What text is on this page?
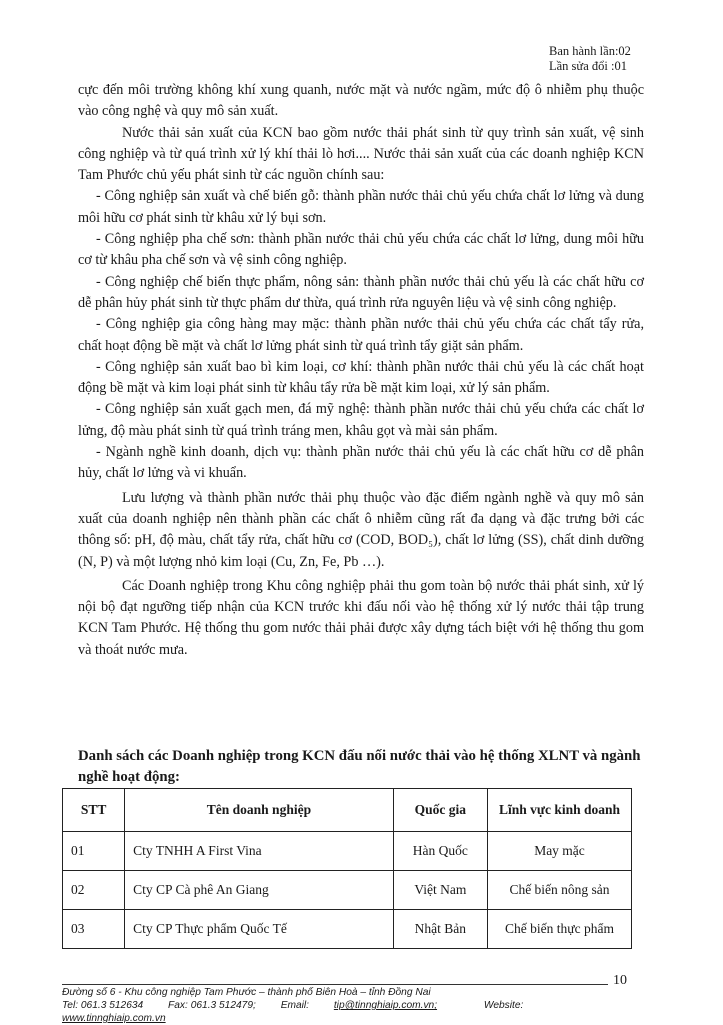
Ban hành lần:02
Lần sửa đổi :01

cực đến môi trường không khí xung quanh, nước mặt và nước ngầm, mức độ ô nhiễm phụ thuộc vào công nghệ và quy mô sản xuất.

Nước thải sản xuất của KCN bao gồm nước thải phát sinh từ quy trình sản xuất, vệ sinh công nghiệp và từ quá trình xử lý khí thải lò hơi.... Nước thải sản xuất của các doanh nghiệp KCN Tam Phước chủ yếu phát sinh từ các nguồn chính sau:

- Công nghiệp sản xuất và chế biến gỗ: thành phần nước thải chủ yếu chứa chất lơ lửng và dung môi hữu cơ phát sinh từ khâu xử lý bụi sơn.

- Công nghiệp pha chế sơn: thành phần nước thải chủ yếu chứa các chất lơ lửng, dung môi hữu cơ từ khâu pha chế sơn và vệ sinh công nghiệp.

- Công nghiệp chế biến thực phẩm, nông sản: thành phần nước thải chủ yếu là các chất hữu cơ dễ phân hủy phát sinh từ thực phẩm dư thừa, quá trình rửa nguyên liệu và vệ sinh công nghiệp.

- Công nghiệp gia công hàng may mặc: thành phần nước thải chủ yếu chứa các chất tẩy rửa, chất hoạt động bề mặt và chất lơ lửng phát sinh từ quá trình tẩy giặt sản phẩm.

- Công nghiệp sản xuất bao bì kim loại, cơ khí: thành phần nước thải chủ yếu là các chất hoạt động bề mặt và kim loại phát sinh từ khâu tẩy rửa bề mặt kim loại, xử lý sản phẩm.

- Công nghiệp sản xuất gạch men, đá mỹ nghệ: thành phần nước thải chủ yếu chứa các chất lơ lửng, độ màu phát sinh từ quá trình tráng men, khâu gọt và mài sản phẩm.

- Ngành nghề kinh doanh, dịch vụ: thành phần nước thải chủ yếu là các chất hữu cơ dễ phân hủy, chất lơ lửng và vi khuẩn.

Lưu lượng và thành phần nước thải phụ thuộc vào đặc điểm ngành nghề và quy mô sản xuất của doanh nghiệp nên thành phần các chất ô nhiễm cũng rất đa dạng và đặc trưng bởi các thông số: pH, độ màu, chất tẩy rửa, chất hữu cơ (COD, BOD₅), chất lơ lửng (SS), chất dinh dưỡng (N, P) và một lượng nhỏ kim loại (Cu, Zn, Fe, Pb …).

Các Doanh nghiệp trong Khu công nghiệp phải thu gom toàn bộ nước thải phát sinh, xử lý nội bộ đạt ngưỡng tiếp nhận của KCN trước khi đấu nối vào hệ thống xử lý nước thải tập trung KCN Tam Phước. Hệ thống thu gom nước thải phải được xây dựng tách biệt với hệ thống thu gom và thoát nước mưa.

Danh sách các Doanh nghiệp trong KCN đấu nối nước thải vào hệ thống XLNT và ngành nghề hoạt động:
STT	Tên doanh nghiệp	Quốc gia	Lĩnh vực kinh doanh
01	Cty TNHH A First Vina	Hàn Quốc	May mặc
02	Cty CP Cà phê An Giang	Việt Nam	Chế biến nông sản
03	Cty CP Thực phẩm Quốc Tế	Nhật Bản	Chế biến thực phẩm
10
Đường số 6 - Khu công nghiệp Tam Phước – thành phố Biên Hoà – tỉnh Đồng Nai
Tel: 061.3 512634 Fax: 061.3 512479; Email: tip@tinnghiaip.com.vn;	Website: www.tinnghiaip.com.vn
